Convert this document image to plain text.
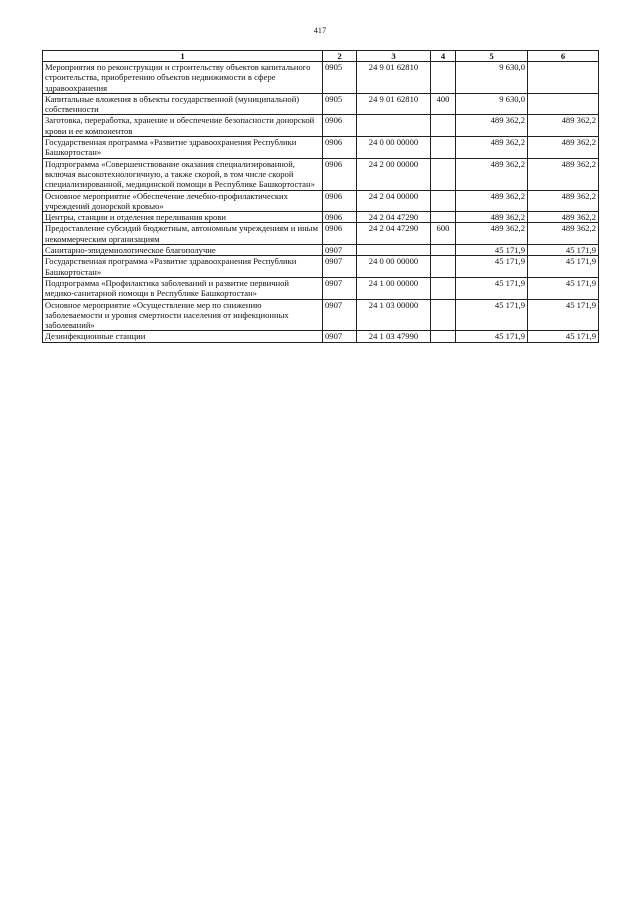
417
1	2	3	4	5	6
Мероприятия по реконструкции и строительству объектов капитального строительства, приобретению объектов недвижимости в сфере здравоохранения	0905	24 9 01 62810		9 630,0	
Капитальные вложения в объекты государственной (муниципальной) собственности	0905	24 9 01 62810	400	9 630,0	
Заготовка, переработка, хранение и обеспечение безопасности донорской крови и ее компонентов	0906			489 362,2	489 362,2
Государственная программа «Развитие здравоохранения Республики Башкортостан»	0906	24 0 00 00000		489 362,2	489 362,2
Подпрограмма «Совершенствование оказания специализированной, включая высокотехнологичную, а также скорой, в том числе скорой специализированной, медицинской помощи в Республике Башкортостан»	0906	24 2 00 00000		489 362,2	489 362,2
Основное мероприятие «Обеспечение лечебно-профилактических учреждений донорской кровью»	0906	24 2 04 00000		489 362,2	489 362,2
Центры, станции и отделения переливания крови	0906	24 2 04 47290		489 362,2	489 362,2
Предоставление субсидий бюджетным, автономным учреждениям и иным некоммерческим организациям	0906	24 2 04 47290	600	489 362,2	489 362,2
Санитарно-эпидемиологическое благополучие	0907			45 171,9	45 171,9
Государственная программа «Развитие здравоохранения Республики Башкортостан»	0907	24 0 00 00000		45 171,9	45 171,9
Подпрограмма «Профилактика заболеваний и развитие первичной медико-санитарной помощи в Республике Башкортостан»	0907	24 1 00 00000		45 171,9	45 171,9
Основное мероприятие «Осуществление мер по снижению заболеваемости и уровня смертности населения от инфекционных заболеваний»	0907	24 1 03 00000		45 171,9	45 171,9
Дезинфекционные станции	0907	24 1 03 47990		45 171,9	45 171,9
